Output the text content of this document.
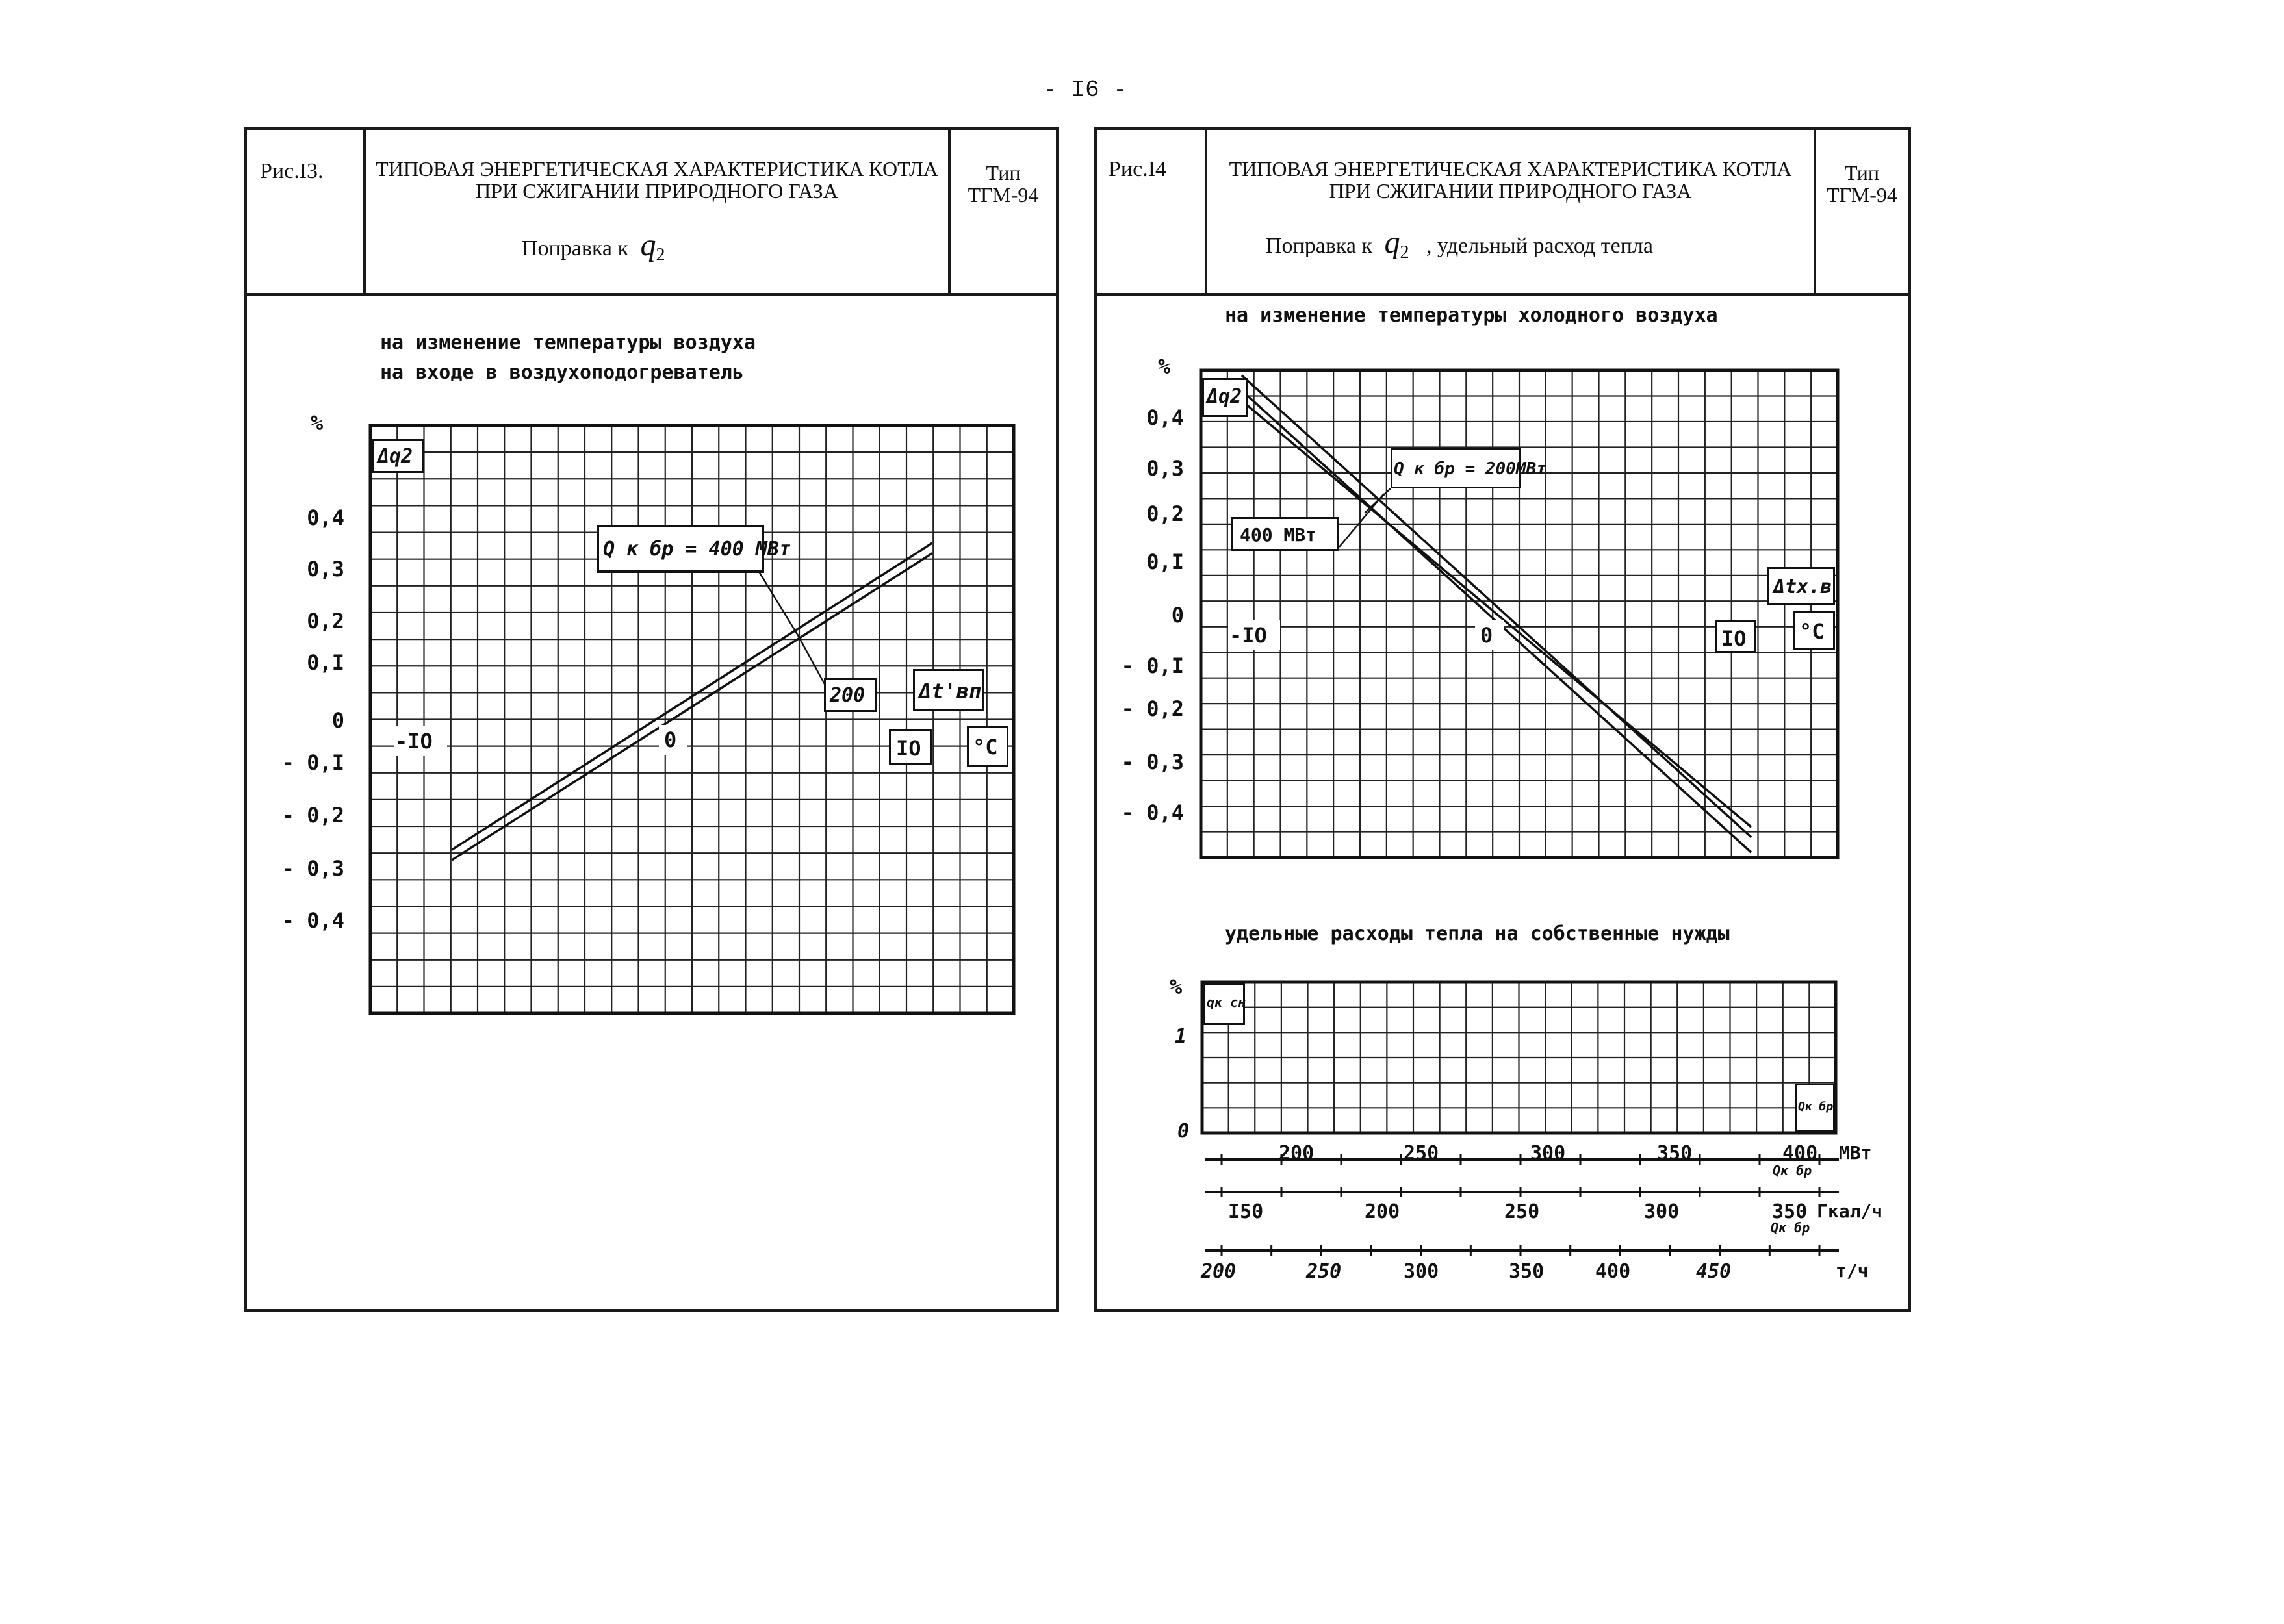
- I6 -
Рис.I3.	ТИПОВАЯ ЭНЕРГЕТИЧЕСКАЯ ХАРАКТЕРИСТИКА КОТЛА
ПРИ СЖИГАНИИ ПРИРОДНОГО ГАЗА
Поправка к $q_2$
Тип
ТГМ-94
на изменение температуры воздуха
на входе в воздухоподогреватель
%
Δq2
0,4
0,3
0,2
0,I
0
- 0,I
- 0,2
- 0,3
- 0,4
-IO	0	IO °С
Δt'вп
Q к бр = 400 МВт
200
Рис.I4	ТИПОВАЯ ЭНЕРГЕТИЧЕСКАЯ ХАРАКТЕРИСТИКА КОТЛА
ПРИ СЖИГАНИИ ПРИРОДНОГО ГАЗА
Поправка к $q_2$ , удельный расход тепла
Тип
ТГМ-94
на изменение температуры холодного воздуха
%
Δq2
0,4
0,3
0,2
0,I
0
- 0,I
- 0,2
- 0,3
- 0,4
-IO	0	IO	°С
Δtх.в
Q к бр = 200МВт
400 МВт
удельные расходы тепла на собственные нужды
%
1
0
qк сн
Qк бр
200	250	300	350	400 МВт
Qк бр
I50	200	250	300	350 Гкал/ч
Qк бр
200	250	300	350	400	450	т/ч
